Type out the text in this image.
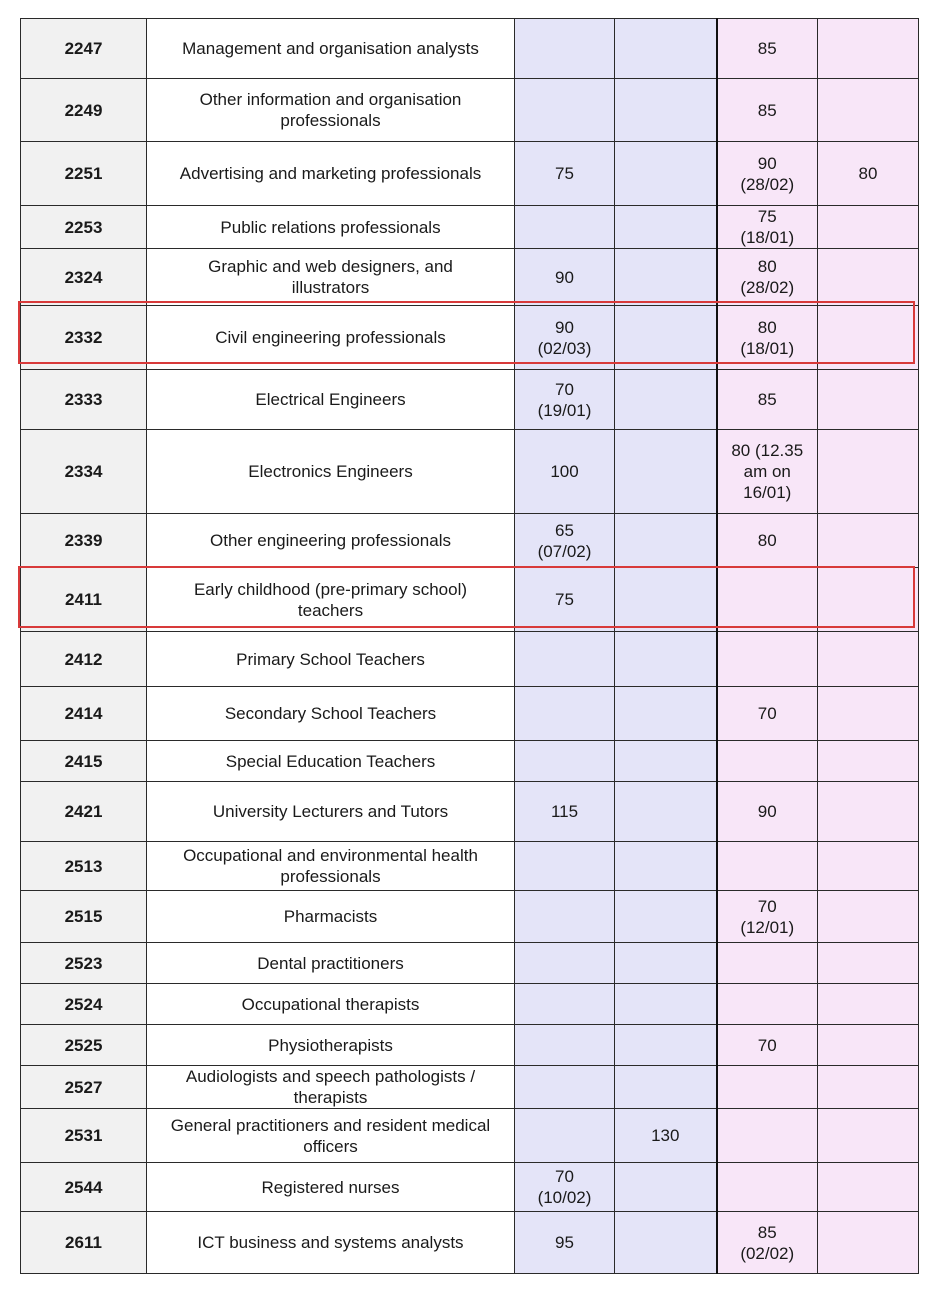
2247	Management and organisation analysts			85	
2249	Other information and organisation
professionals			85	
2251	Advertising and marketing professionals	75		90
(28/02)	80
2253	Public relations professionals			75
(18/01)	
2324	Graphic and web designers, and
illustrators	90		80
(28/02)	
2332	Civil engineering professionals	90
(02/03)		80
(18/01)	
2333	Electrical Engineers	70
(19/01)		85	
2334	Electronics Engineers	100		80 (12.35
am on
16/01)	
2339	Other engineering professionals	65
(07/02)		80	
2411	Early childhood (pre-primary school)
teachers	75			
2412	Primary School Teachers				
2414	Secondary School Teachers			70	
2415	Special Education Teachers				
2421	University Lecturers and Tutors	115		90	
2513	Occupational and environmental health
professionals				
2515	Pharmacists			70
(12/01)	
2523	Dental practitioners				
2524	Occupational therapists				
2525	Physiotherapists			70	
2527	Audiologists and speech pathologists /
therapists				
2531	General practitioners and resident medical
officers		130		
2544	Registered nurses	70
(10/02)			
2611	ICT business and systems analysts	95		85
(02/02)	
